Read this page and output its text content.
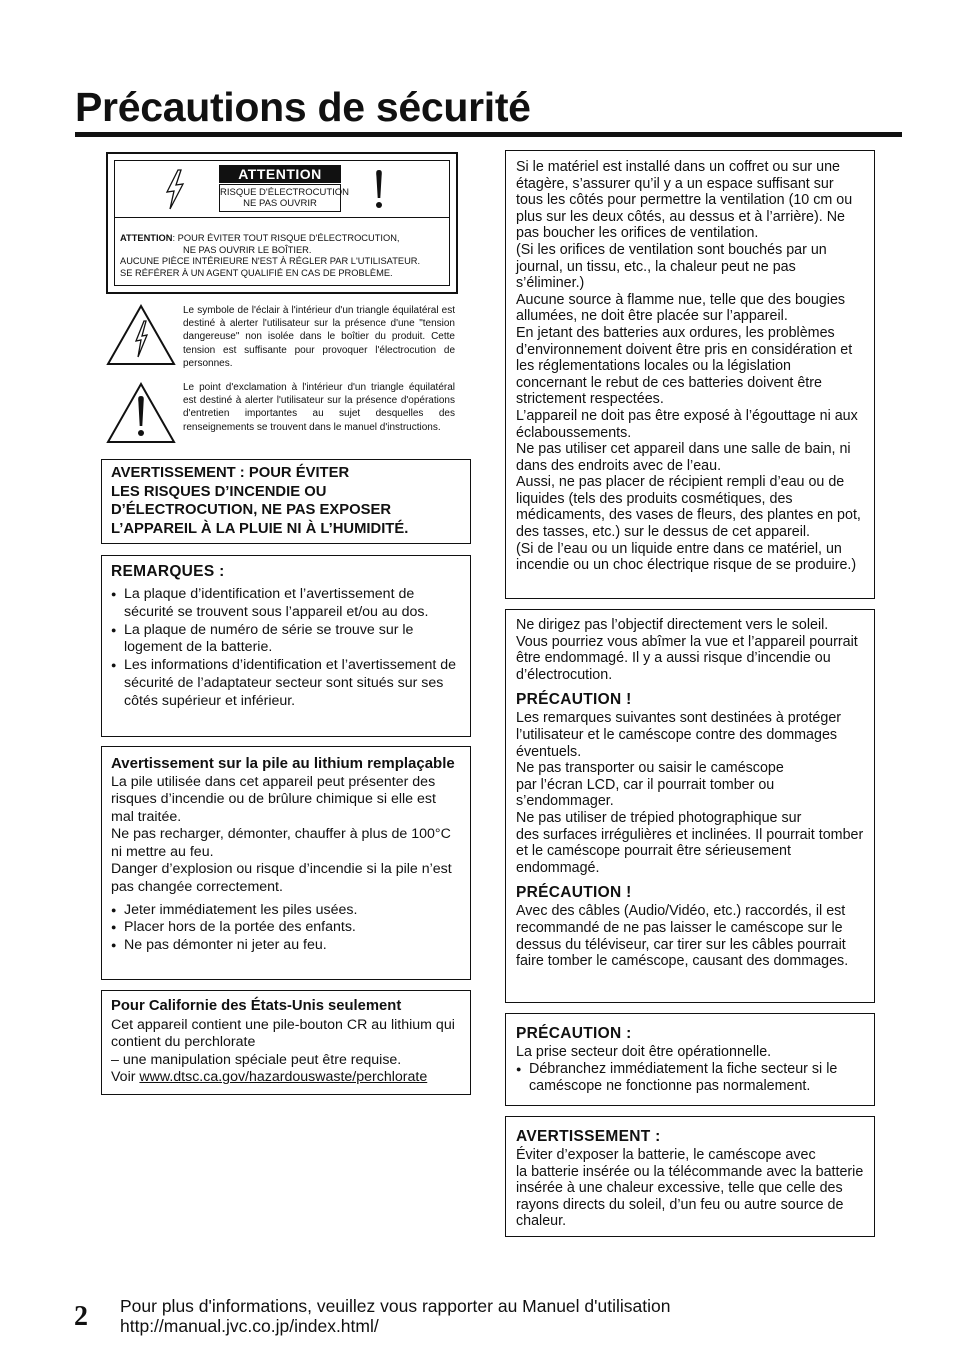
Précautions de sécurité
ATTENTION
RISQUE D'ÉLECTROCUTION
NE PAS OUVRIR
ATTENTION: POUR ÉVITER TOUT RISQUE D'ÉLECTROCUTION,
NE PAS OUVRIR LE BOÎTIER.
AUCUNE PIÈCE INTÉRIEURE N'EST À RÉGLER PAR L'UTILISATEUR.
SE RÉFÉRER À UN AGENT QUALIFIÉ EN CAS DE PROBLÈME.
Le symbole de l'éclair à l'intérieur d'un triangle équilatéral est destiné à alerter l'utilisateur sur la présence d'une "tension dangereuse" non isolée dans le boîtier du produit. Cette tension est suffisante pour provoquer l'électrocution de personnes.
Le point d'exclamation à l'intérieur d'un triangle équilatéral est destiné à alerter l'utilisateur sur la présence d'opérations d'entretien importantes au sujet desquelles des renseignements se trouvent dans le manuel d'instructions.
AVERTISSEMENT : POUR ÉVITER
LES RISQUES D’INCENDIE OU
D’ÉLECTROCUTION, NE PAS EXPOSER
L’APPAREIL À LA PLUIE NI À L’HUMIDITÉ.
REMARQUES :
● La plaque d’identification et l’avertissement de sécurité se trouvent sous l’appareil et/ou au dos.
● La plaque de numéro de série se trouve sur le logement de la batterie.
● Les informations d’identification et l’avertissement de sécurité de l’adaptateur secteur sont situés sur ses côtés supérieur et inférieur.
Avertissement sur la pile au lithium remplaçable
La pile utilisée dans cet appareil peut présenter des risques d’incendie ou de brûlure chimique si elle est mal traitée.
Ne pas recharger, démonter, chauffer à plus de 100°C ni mettre au feu.
Danger d’explosion ou risque d’incendie si la pile n’est pas changée correctement.
● Jeter immédiatement les piles usées.
● Placer hors de la portée des enfants.
● Ne pas démonter ni jeter au feu.
Pour Californie des États-Unis seulement
Cet appareil contient une pile-bouton CR au lithium qui contient du perchlorate
– une manipulation spéciale peut être requise.
Voir www.dtsc.ca.gov/hazardouswaste/perchlorate
Si le matériel est installé dans un coffret ou sur une étagère, s’assurer qu’il y a un espace suffisant sur tous les côtés pour permettre la ventilation (10 cm ou plus sur les deux côtés, au dessus et à l’arrière). Ne pas boucher les orifices de ventilation.
(Si les orifices de ventilation sont bouchés par un journal, un tissu, etc., la chaleur peut ne pas s’éliminer.)
Aucune source à flamme nue, telle que des bougies allumées, ne doit être placée sur l’appareil.
En jetant des batteries aux ordures, les problèmes d’environnement doivent être pris en considération et les réglementations locales ou la législation concernant le rebut de ces batteries doivent être strictement respectées.
L’appareil ne doit pas être exposé à l’égouttage ni aux éclaboussements.
Ne pas utiliser cet appareil dans une salle de bain, ni dans des endroits avec de l’eau.
Aussi, ne pas placer de récipient rempli d’eau ou de liquides (tels des produits cosmétiques, des médicaments, des vases de fleurs, des plantes en pot, des tasses, etc.) sur le dessus de cet appareil.
(Si de l’eau ou un liquide entre dans ce matériel, un incendie ou un choc électrique risque de se produire.)
Ne dirigez pas l’objectif directement vers le soleil. Vous pourriez vous abîmer la vue et l’appareil pourrait être endommagé. Il y a aussi risque d’incendie ou d’électrocution.
PRÉCAUTION !
Les remarques suivantes sont destinées à protéger l’utilisateur et le caméscope contre des dommages éventuels.
Ne pas transporter ou saisir le caméscope
par l’écran LCD, car il pourrait tomber ou s’endommager.
Ne pas utiliser de trépied photographique sur
des surfaces irrégulières et inclinées. Il pourrait tomber et le caméscope pourrait être sérieusement endommagé.
PRÉCAUTION !
Avec des câbles (Audio/Vidéo, etc.) raccordés, il est recommandé de ne pas laisser le caméscope sur le dessus du téléviseur, car tirer sur les câbles pourrait faire tomber le caméscope, causant des dommages.
PRÉCAUTION :
La prise secteur doit être opérationnelle.
● Débranchez immédiatement la fiche secteur si le caméscope ne fonctionne pas normalement.
AVERTISSEMENT :
Éviter d’exposer la batterie, le caméscope avec
la batterie insérée ou la télécommande avec la batterie insérée à une chaleur excessive, telle que celle des rayons directs du soleil, d’un feu ou autre source de chaleur.
2 Pour plus d'informations, veuillez vous rapporter au Manuel d'utilisation
http://manual.jvc.co.jp/index.html/
